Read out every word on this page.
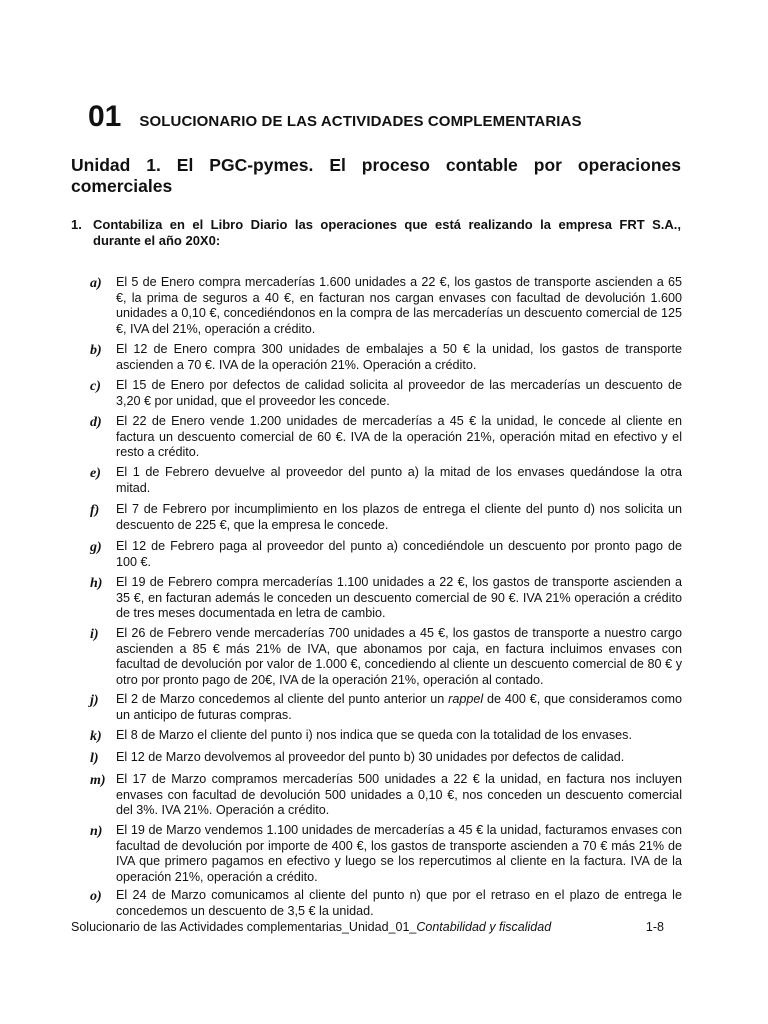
01 SOLUCIONARIO DE LAS ACTIVIDADES COMPLEMENTARIAS
Unidad 1. El PGC-pymes. El proceso contable por operaciones comerciales
1. Contabiliza en el Libro Diario las operaciones que está realizando la empresa FRT S.A., durante el año 20X0:
a) El 5 de Enero compra mercaderías 1.600 unidades a 22 €, los gastos de transporte ascienden a 65 €, la prima de seguros a 40 €, en facturan nos cargan envases con facultad de devolución 1.600 unidades a 0,10 €, concediéndonos en la compra de las mercaderías un descuento comercial de 125 €, IVA del 21%, operación a crédito.
b) El 12 de Enero compra 300 unidades de embalajes a 50 € la unidad, los gastos de transporte ascienden a 70 €. IVA de la operación 21%. Operación a crédito.
c) El 15 de Enero por defectos de calidad solicita al proveedor de las mercaderías un descuento de 3,20 € por unidad, que el proveedor les concede.
d) El 22 de Enero vende 1.200 unidades de mercaderías a 45 € la unidad, le concede al cliente en factura un descuento comercial de 60 €. IVA de la operación 21%, operación mitad en efectivo y el resto a crédito.
e) El 1 de Febrero devuelve al proveedor del punto a) la mitad de los envases quedándose la otra mitad.
f) El 7 de Febrero por incumplimiento en los plazos de entrega el cliente del punto d) nos solicita un descuento de 225 €, que la empresa le concede.
g) El 12 de Febrero paga al proveedor del punto a) concediéndole un descuento por pronto pago de 100 €.
h) El 19 de Febrero compra mercaderías 1.100 unidades a 22 €, los gastos de transporte ascienden a 35 €, en facturan además le conceden un descuento comercial de 90 €. IVA 21% operación a crédito de tres meses documentada en letra de cambio.
i) El 26 de Febrero vende mercaderías 700 unidades a 45 €, los gastos de transporte a nuestro cargo ascienden a 85 € más 21% de IVA, que abonamos por caja, en factura incluimos envases con facultad de devolución por valor de 1.000 €, concediendo al cliente un descuento comercial de 80 € y otro por pronto pago de 20€, IVA de la operación 21%, operación al contado.
j) El 2 de Marzo concedemos al cliente del punto anterior un rappel de 400 €, que consideramos como un anticipo de futuras compras.
k) El 8 de Marzo el cliente del punto i) nos indica que se queda con la totalidad de los envases.
l) El 12 de Marzo devolvemos al proveedor del punto b) 30 unidades por defectos de calidad.
m) El 17 de Marzo compramos mercaderías 500 unidades a 22 € la unidad, en factura nos incluyen envases con facultad de devolución 500 unidades a 0,10 €, nos conceden un descuento comercial del 3%. IVA 21%. Operación a crédito.
n) El 19 de Marzo vendemos 1.100 unidades de mercaderías a 45 € la unidad, facturamos envases con facultad de devolución por importe de 400 €, los gastos de transporte ascienden a 70 € más 21% de IVA que primero pagamos en efectivo y luego se los repercutimos al cliente en la factura. IVA de la operación 21%, operación a crédito.
o) El 24 de Marzo comunicamos al cliente del punto n) que por el retraso en el plazo de entrega le concedemos un descuento de 3,5 € la unidad.
Solucionario de las Actividades complementarias_Unidad_01_Contabilidad y fiscalidad	1-8
